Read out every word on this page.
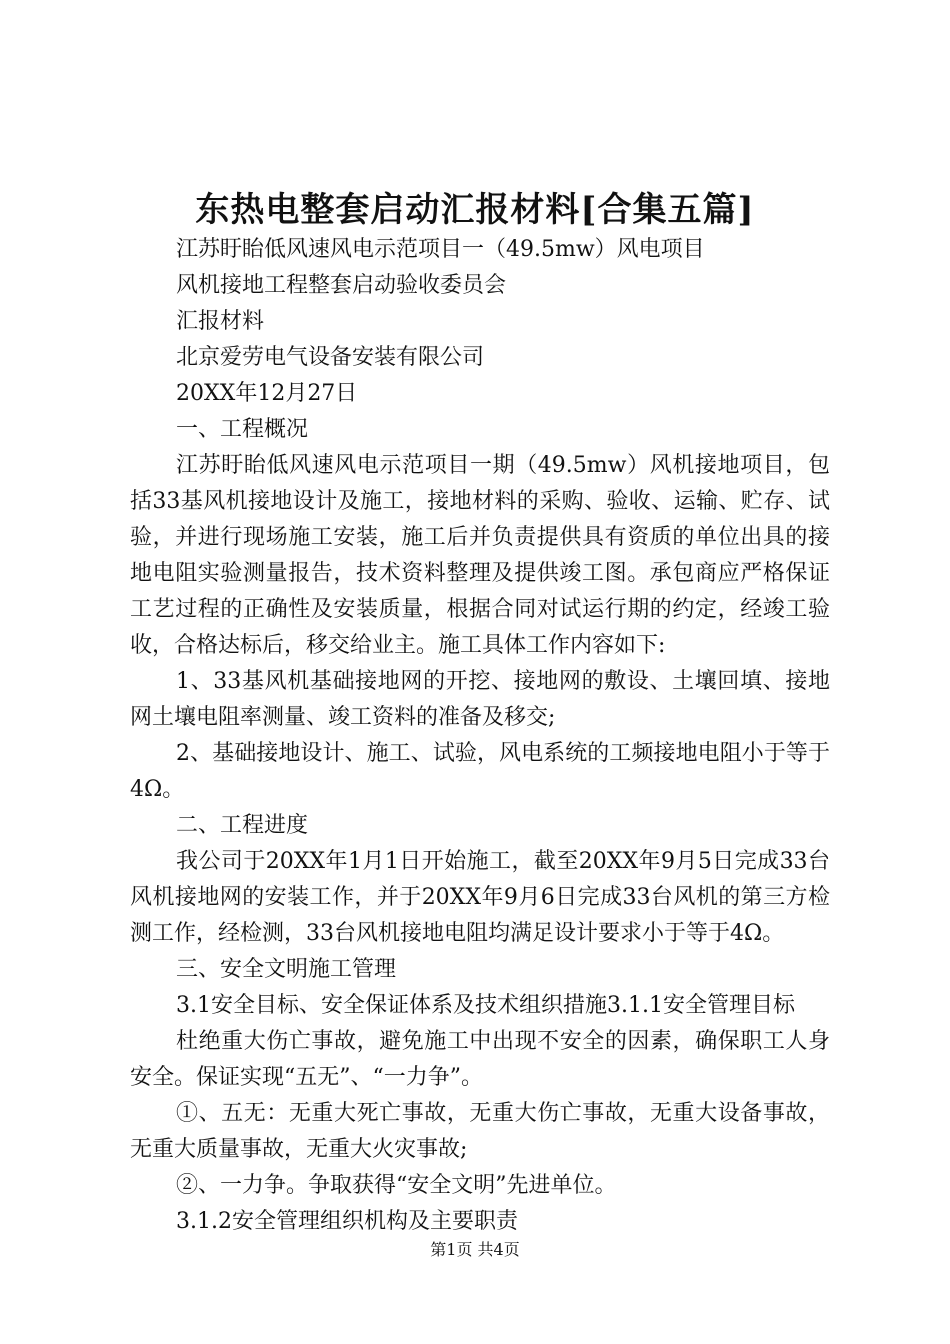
东热电整套启动汇报材料[合集五篇]

江苏盱眙低风速风电示范项目一（49.5mw）风电项目

风机接地工程整套启动验收委员会

汇报材料

北京爱劳电气设备安装有限公司

20XX年12月27日

一、工程概况

江苏盱眙低风速风电示范项目一期（49.5mw）风机接地项目，包括33基风机接地设计及施工，接地材料的采购、验收、运输、贮存、试验，并进行现场施工安装，施工后并负责提供具有资质的单位出具的接地电阻实验测量报告，技术资料整理及提供竣工图。承包商应严格保证工艺过程的正确性及安装质量，根据合同对试运行期的约定，经竣工验收，合格达标后，移交给业主。施工具体工作内容如下:

1、33基风机基础接地网的开挖、接地网的敷设、土壤回填、接地网土壤电阻率测量、竣工资料的准备及移交;

2、基础接地设计、施工、试验，风电系统的工频接地电阻小于等于4Ω。

二、工程进度

我公司于20XX年1月1日开始施工，截至20XX年9月5日完成33台风机接地网的安装工作，并于20XX年9月6日完成33台风机的第三方检测工作，经检测，33台风机接地电阻均满足设计要求小于等于4Ω。

三、安全文明施工管理

3.1安全目标、安全保证体系及技术组织措施3.1.1安全管理目标

杜绝重大伤亡事故，避免施工中出现不安全的因素，确保职工人身安全。保证实现“五无”、“一力争”。

①、五无：无重大死亡事故，无重大伤亡事故，无重大设备事故，无重大质量事故，无重大火灾事故;

②、一力争。争取获得“安全文明”先进单位。

3.1.2安全管理组织机构及主要职责

第1页 共4页
